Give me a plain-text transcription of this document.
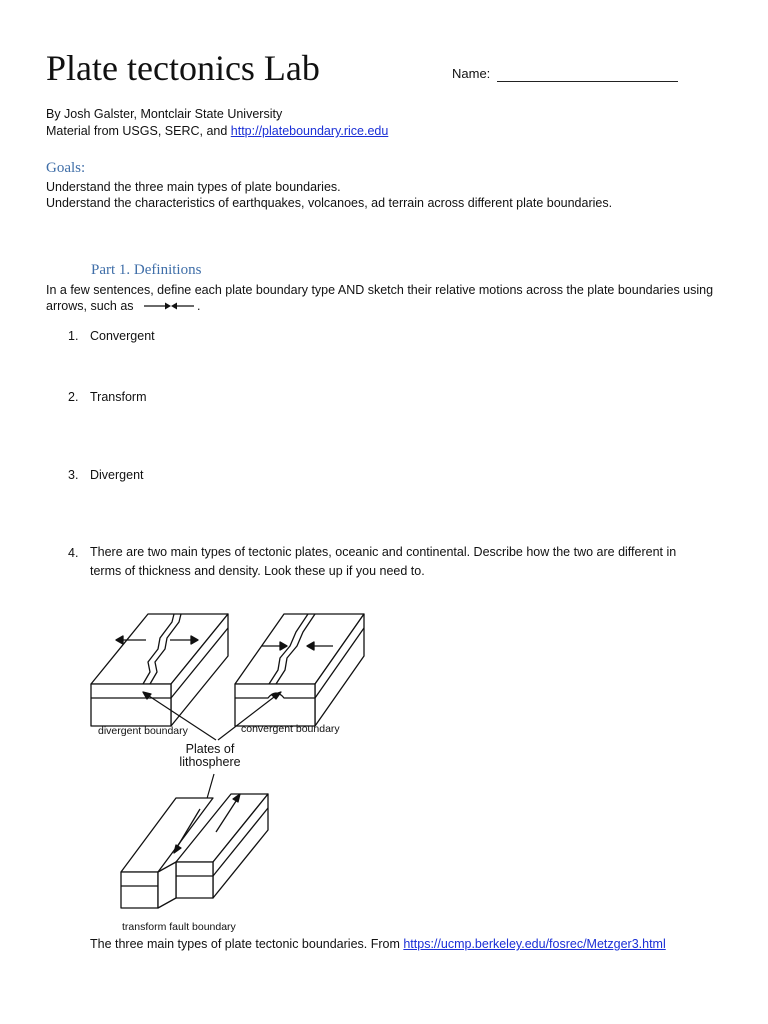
Plate tectonics Lab	Name:
By Josh Galster, Montclair State University
Material from USGS, SERC, and http://plateboundary.rice.edu
Goals:
Understand the three main types of plate boundaries.
Understand the characteristics of earthquakes, volcanoes, ad terrain across different plate boundaries.
Part 1. Definitions
In a few sentences, define each plate boundary type AND sketch their relative motions across the plate boundaries using
arrows, such as	.
1. Convergent
2. Transform
3. Divergent
4. There are two main types of tectonic plates, oceanic and continental. Describe how the two are different in
terms of thickness and density. Look these up if you need to.
divergent boundary	convergent boundary
Plates of
lithosphere
transform fault boundary
The three main types of plate tectonic boundaries. From https://ucmp.berkeley.edu/fosrec/Metzger3.html
